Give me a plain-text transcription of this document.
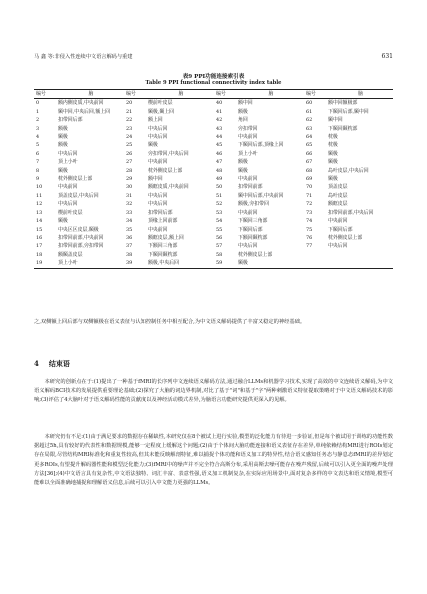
马 鑫 等:非侵入性连续中文语言解码与重建	631
表9 PPI功能连接索引表
Table 9 PPI functional connectivity index table
编号	脑	编号	脑	编号	脑	编号	脑
0	额内侧皮质,中央前回	20	楔前叶皮层	40	额中回	60	额中回额极部
1	颞中回,中央后回,额上回	21	颞极,颞上回	41	额极	61	下颞回后部,颞中回
2	扣带回后部	22	额上回	42	角回	62	颞中回
3	额极	23	中央后回	43	旁扣带回	63	下颞回颞枕部
4	颞极	24	中央后回	44	中央前回	64	枕极
5	额极	25	颞极	45	下颞回后部,顶缘上回	65	枕极
6	中央后回	26	旁扣带回,中央后回	46	顶上小叶	66	颞极
7	顶上小叶	27	中央前回	47	额极	67	颞极
8	颞极	28	枕外侧皮层上部	48	颞极	68	岛叶皮层,中央后回
9	枕外侧皮层上部	29	额中回	49	中央前回	69	颞极
10	中央前回	30	额眶皮质,中央前回	50	扣带回前部	70	顶盖皮层
11	顶盖皮层,中央后回	31	中央后回	51	颞中回后部,中央前回	71	岛叶皮层
12	中央后回	32	中央后回	52	额极,旁扣带回	72	额眶皮层
13	楔前叶皮层	33	扣带回后部	53	中央前回	73	扣带回前部,中央后回
14	颞极	34	顶缘上回前部	54	下颞回三角部	74	中央前回
15	中央区区皮层,颞极	35	中央前回	55	下颞回后部	75	下颞回后部
16	扣带回前部,中央前回	36	额眶皮层,额上回	56	下额回颞枕部	76	枕外侧皮层上部
17	扣带回前部,旁扣带回	37	下额回三角部	57	中央后回	77	中央后回
18	额颞盖皮层	38	下颞回颞枕部	58	枕外侧皮层上部		
19	顶上小叶	39	额极,中央后回	59	颞极		

之,双侧额上回后部与双侧额极在语义表征与认知控制任务中相互配合,为中文语义解码提供了丰富又稳定的神经基础。

4 结束语

本研究的创新点在于:(1)提出了一种基于fMRI的长序列中文连续语义解码方法,通过融合LLMs和机器学习技术,实现了高效的中文连续语义解码,为中文语义解码BCI技术的发展提供重要理论基础;(2)探究了大脑的词边界机制,对比了基于"词"和基于"字"两种刺激语义特征提取策略对于中文语义解码技术的影响;(3)评估了4大脑叶对于语义解码性能的贡献度以及神经活动模式差异,为脑语言功能研究提供更深入的见解。

本研究仍有不足:(1)由于满足要求的数据存在稀缺性,本研究仅在8个被试上进行实验,模型的泛化能力有待进一步验证,但是每个被试用于训练的功能性数据超过5h,具有较好的代表性和数据规模,能够一定程度上缓解这个问题;(2)由于个体间大脑功能连接和语义表征存在差异,单纯依赖结构MRI进行ROIs划定存在局限,尽管结构MRI标准化和重复性较高,但其未能反映解剖特征,难以捕捉个体功能和语义加工的特异性,结合语义感知任务态与静息态fMRI的差异划定更多ROIs,有望提升解码器性能和模型泛化能力;(3)fMRI中的噪声并不完全符合高斯分布,采用高斯去噪可能存在噪声残留,后续可以引入更全面的噪声处理方法[36];(4)中文语言具有复杂性,中文语法独特、词汇丰富、表意性强,语义加工机制复杂,在实际应用场景中,面对复杂多样的中文表达和语义情境,模型可能难以全面准确地捕捉和理解语义信息,后续可以引入中文能力更强的LLMs。
